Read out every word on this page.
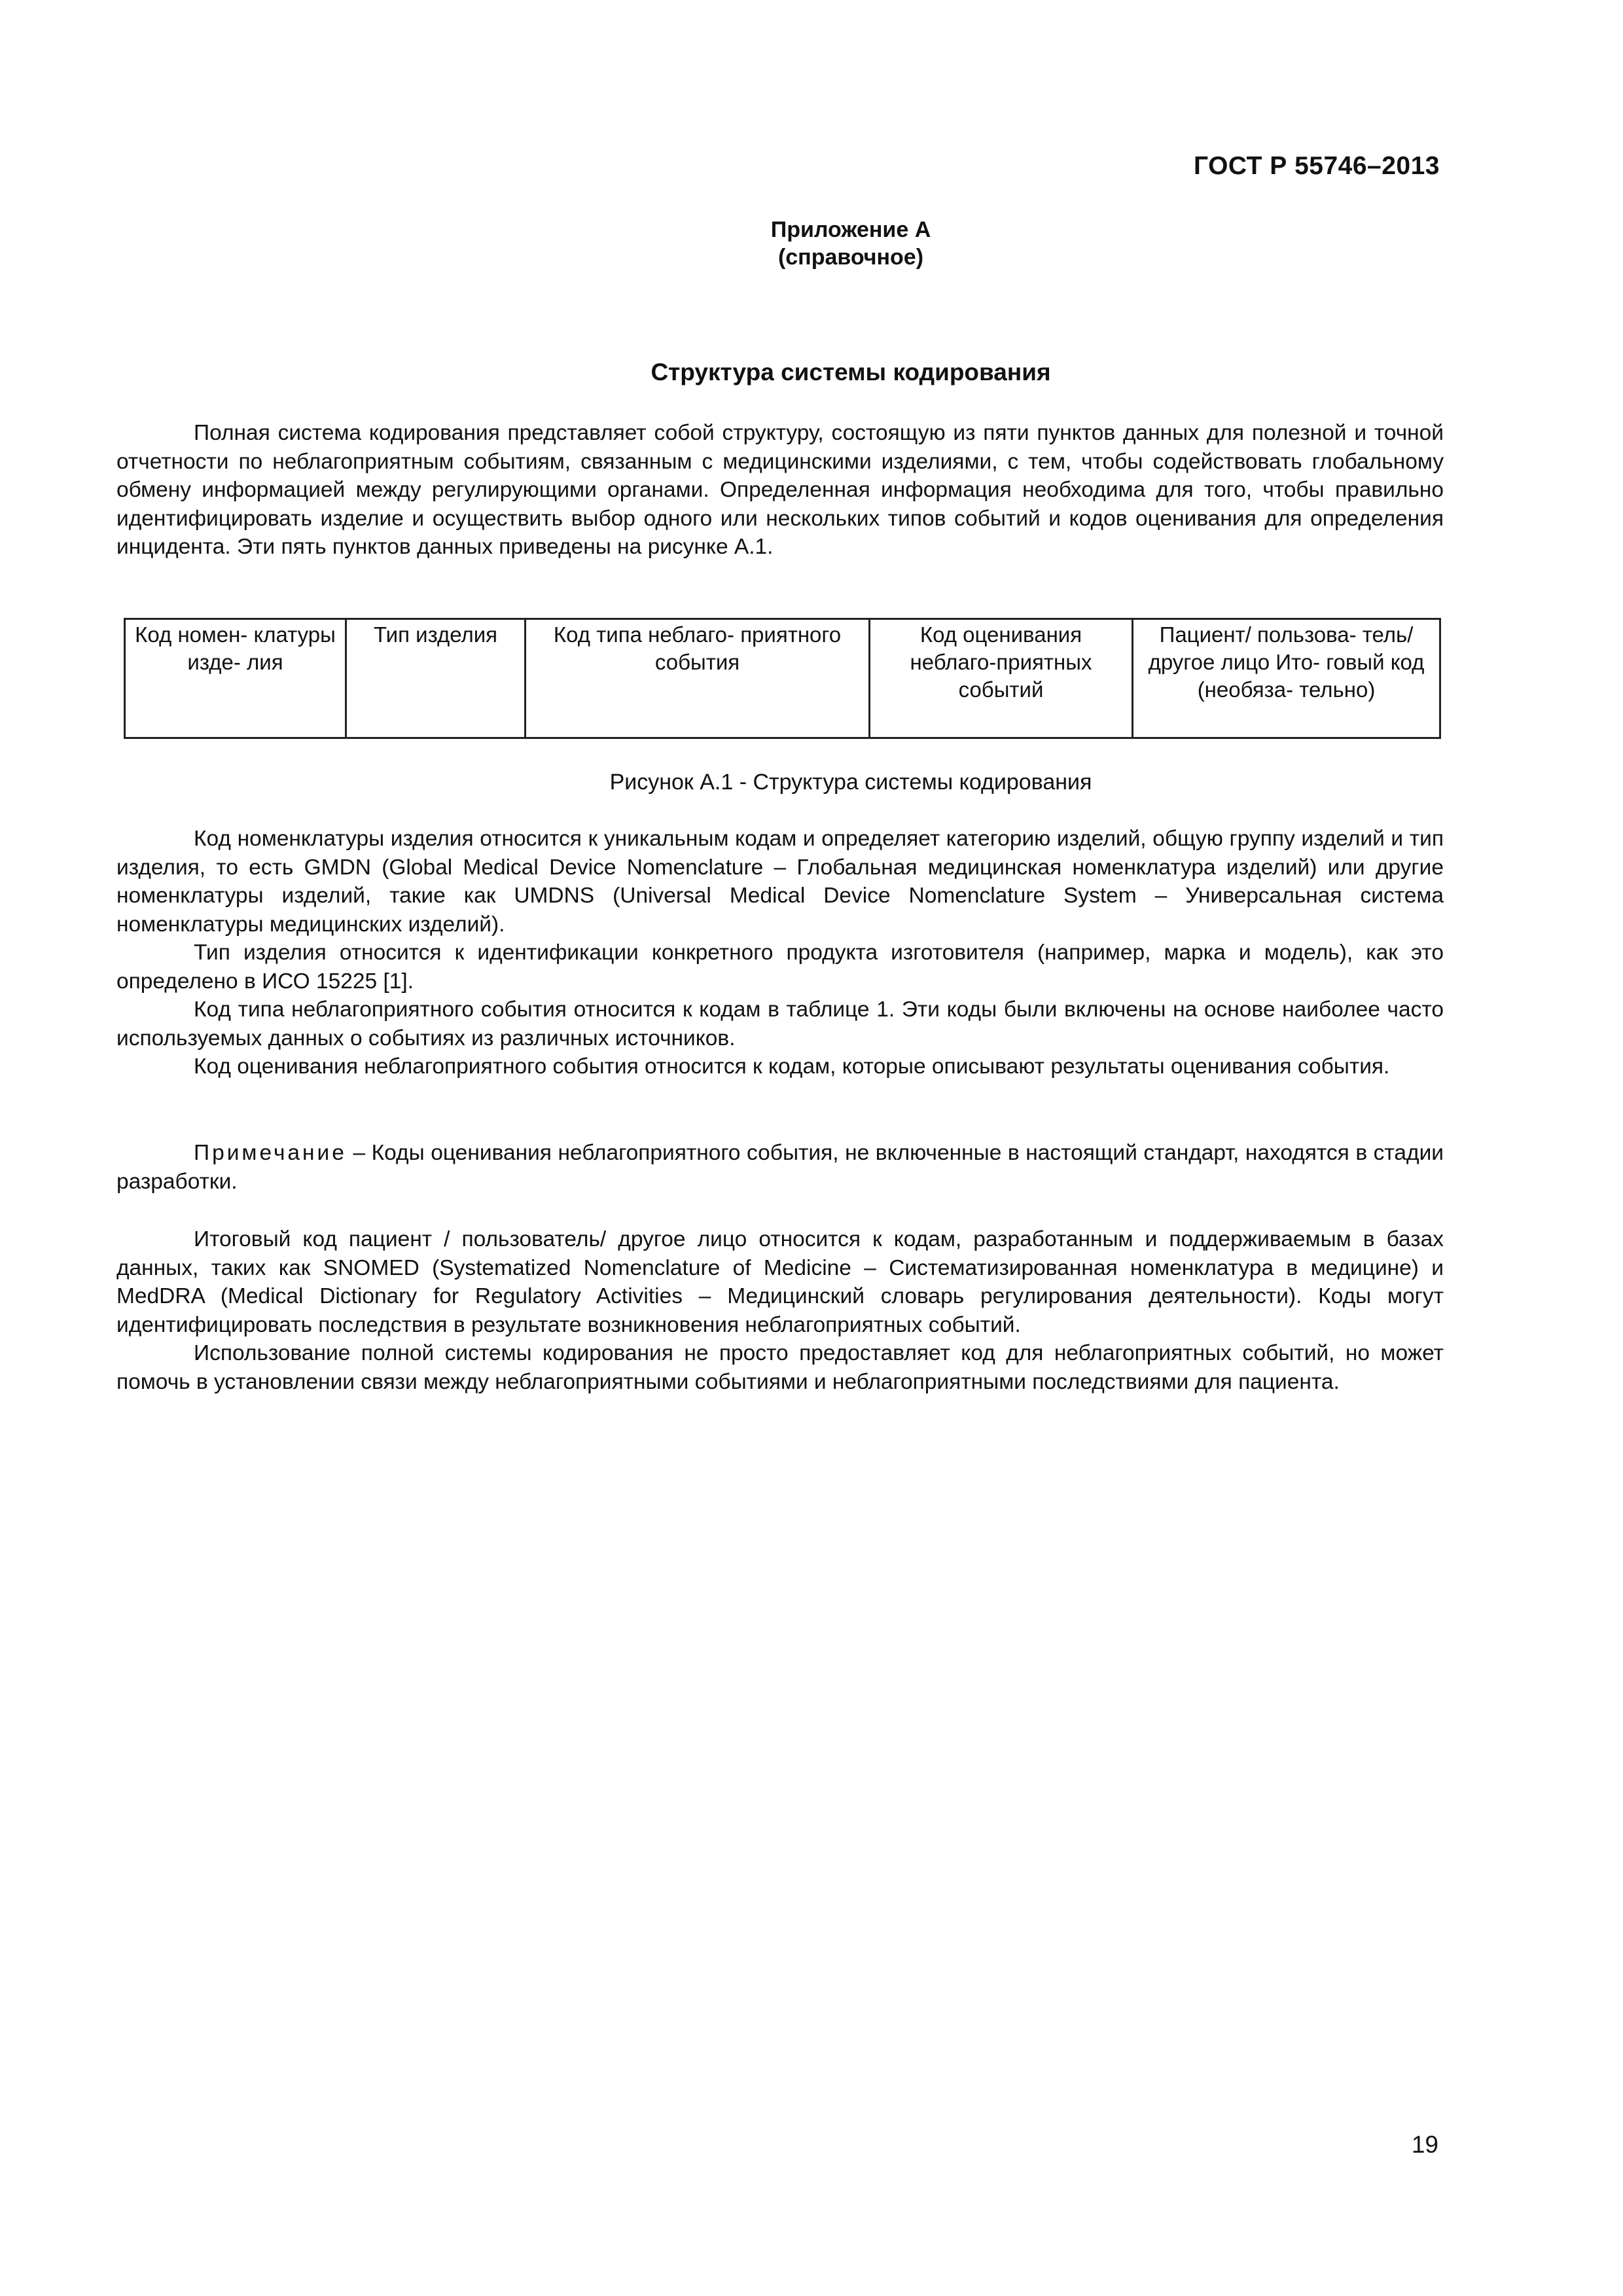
ГОСТ Р 55746–2013
Приложение А
(справочное)
Структура системы кодирования

Полная система кодирования представляет собой структуру, состоящую из пяти пунктов данных для полезной и точной отчетности по неблагоприятным событиям, связанным с медицинскими изделиями, с тем, чтобы содействовать глобальному обмену информацией между регулирующими органами. Определенная информация необходима для того, чтобы правильно идентифицировать изделие и осуществить выбор одного или нескольких типов событий и кодов оценивания для определения инцидента. Эти пять пунктов данных приведены на рисунке А.1.

Код номен- клатуры изде- лия	Тип изделия	Код типа неблаго- приятного события	Код оценивания неблаго-приятных событий	Пациент/ пользова- тель/ другое лицо Ито- говый код (необяза- тельно)
Рисунок А.1 - Структура системы кодирования

Код номенклатуры изделия относится к уникальным кодам и определяет категорию изделий, общую группу изделий и тип изделия, то есть GMDN (Global Medical Device Nomenclature – Глобальная медицинская номенклатура изделий) или другие номенклатуры изделий, такие как UMDNS (Universal Medical Device Nomenclature System – Универсальная система номенклатуры медицинских изделий).

Тип изделия относится к идентификации конкретного продукта изготовителя (например, марка и модель), как это определено в ИСО 15225 [1].

Код типа неблагоприятного события относится к кодам в таблице 1. Эти коды были включены на основе наиболее часто используемых данных о событиях из различных источников.

Код оценивания неблагоприятного события относится к кодам, которые описывают результаты оценивания события.

Примечание – Коды оценивания неблагоприятного события, не включенные в настоящий стандарт, находятся в стадии разработки.

Итоговый код пациент / пользователь/ другое лицо относится к кодам, разработанным и поддерживаемым в базах данных, таких как SNOMED (Systematized Nomenclature of Medicine – Систематизированная номенклатура в медицине) и MedDRA (Medical Dictionary for Regulatory Activities – Медицинский словарь регулирования деятельности). Коды могут идентифицировать последствия в результате возникновения неблагоприятных событий.

Использование полной системы кодирования не просто предоставляет код для неблагоприятных событий, но может помочь в установлении связи между неблагоприятными событиями и неблагоприятными последствиями для пациента.

19
